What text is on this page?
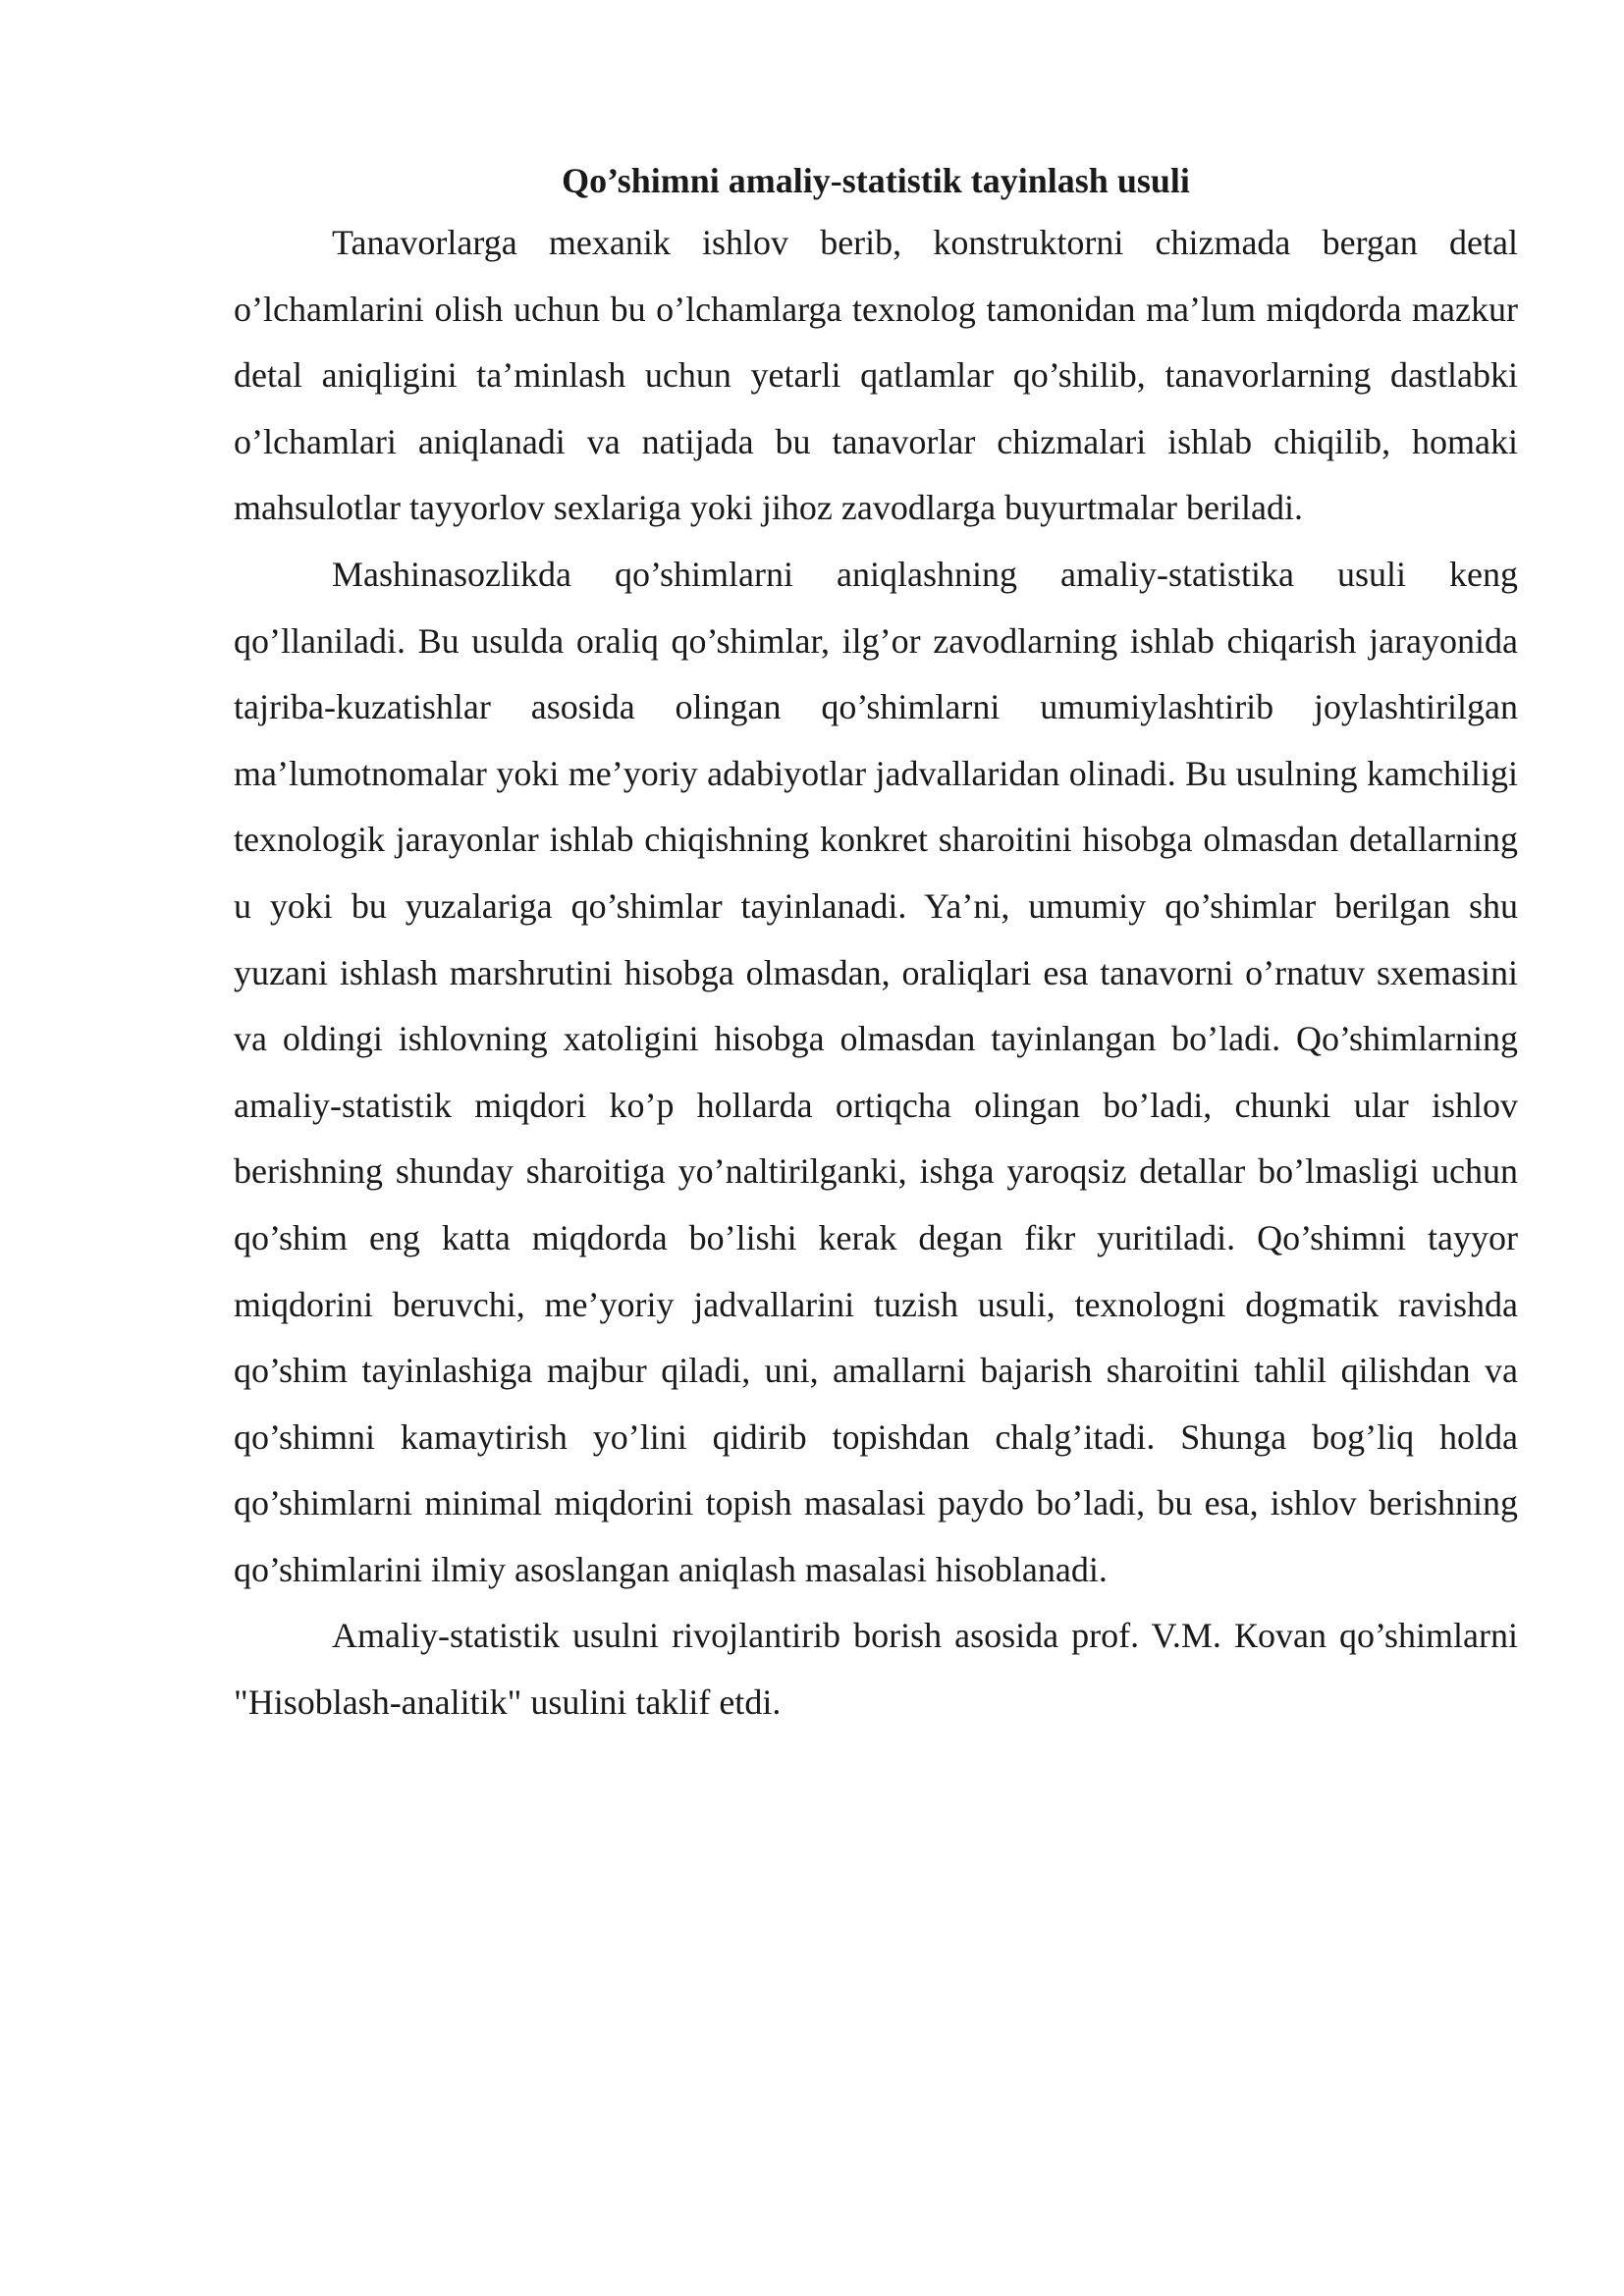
Qo’shimni amaliy-statistik tayinlash usuli

Tanavorlarga mexanik ishlov berib, konstruktorni chizmada bergan detal o’lchamlarini olish uchun bu o’lchamlarga texnolog tamonidan ma’lum miqdorda mazkur detal aniqligini ta’minlash uchun yetarli qatlamlar qo’shilib, tanavorlarning dastlabki o’lchamlari aniqlanadi va natijada bu tanavorlar chizmalari ishlab chiqilib, homaki mahsulotlar tayyorlov sexlariga yoki jihoz zavodlarga buyurtmalar beriladi.

Mashinasozlikda qo’shimlarni aniqlashning amaliy-statistika usuli keng qo’llaniladi. Bu usulda oraliq qo’shimlar, ilg’or zavodlarning ishlab chiqarish jarayonida tajriba-kuzatishlar asosida olingan qo’shimlarni umumiylashtirib joylashtirilgan ma’lumotnomalar yoki me’yoriy adabiyotlar jadvallaridan olinadi. Bu usulning kamchiligi texnologik jarayonlar ishlab chiqishning konkret sharoitini hisobga olmasdan detallarning u yoki bu yuzalariga qo’shimlar tayinlanadi. Ya’ni, umumiy qo’shimlar berilgan shu yuzani ishlash marshrutini hisobga olmasdan, oraliqlari esa tanavorni o’rnatuv sxemasini va oldingi ishlovning xatoligini hisobga olmasdan tayinlangan bo’ladi. Qo’shimlarning amaliy-statistik miqdori ko’p hollarda ortiqcha olingan bo’ladi, chunki ular ishlov berishning shunday sharoitiga yo’naltirilganki, ishga yaroqsiz detallar bo’lmasligi uchun qo’shim eng katta miqdorda bo’lishi kerak degan fikr yuritiladi. Qo’shimni tayyor miqdorini beruvchi, me’yoriy jadvallarini tuzish usuli, texnologni dogmatik ravishda qo’shim tayinlashiga majbur qiladi, uni, amallarni bajarish sharoitini tahlil qilishdan va qo’shimni kamaytirish yo’lini qidirib topishdan chalg’itadi. Shunga bog’liq holda qo’shimlarni minimal miqdorini topish masalasi paydo bo’ladi, bu esa, ishlov berishning qo’shimlarini ilmiy asoslangan aniqlash masalasi hisoblanadi.

Amaliy-statistik usulni rivojlantirib borish asosida prof. V.M. Кovan qo’shimlarni "Hisoblash-analitik" usulini taklif etdi.
